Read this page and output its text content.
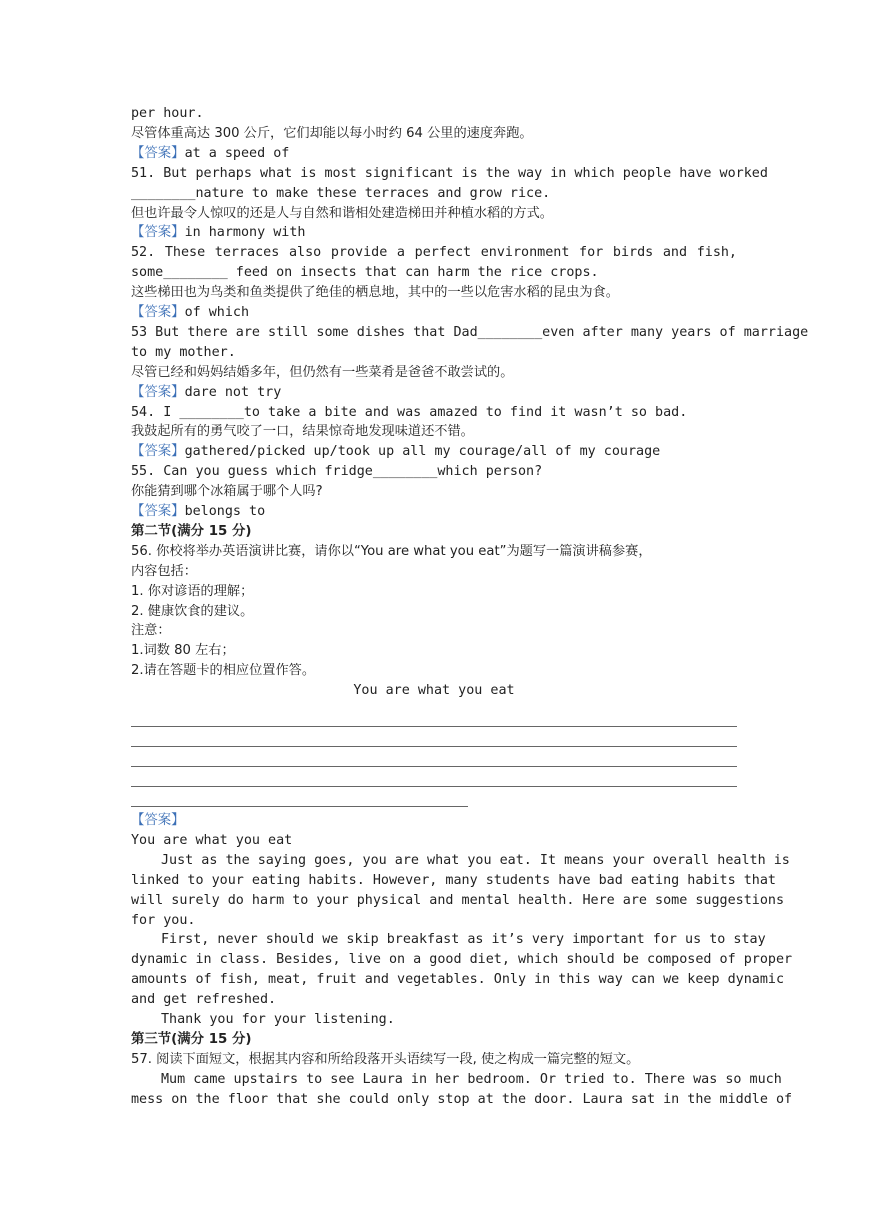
per hour.
尽管体重高达 300 公斤，它们却能以每小时约 64 公里的速度奔跑。
【答案】at a speed of
51. But perhaps what is most significant is the way in which people have worked
________nature to make these terraces and grow rice.
但也许最令人惊叹的还是人与自然和谐相处建造梯田并种植水稻的方式。
【答案】in harmony with
52. These terraces also provide a perfect environment for birds and fish,
some________ feed on insects that can harm the rice crops.
这些梯田也为鸟类和鱼类提供了绝佳的栖息地，其中的一些以危害水稻的昆虫为食。
【答案】of which
53 But there are still some dishes that Dad________even after many years of marriage
to my mother.
尽管已经和妈妈结婚多年，但仍然有一些菜肴是爸爸不敢尝试的。
【答案】dare not try
54. I ________to take a bite and was amazed to find it wasn’t so bad.
我鼓起所有的勇气咬了一口，结果惊奇地发现味道还不错。
【答案】gathered/picked up/took up all my courage/all of my courage
55. Can you guess which fridge________which person?
你能猜到哪个冰箱属于哪个人吗?
【答案】belongs to
第二节(满分 15 分)
56. 你校将举办英语演讲比赛，请你以“You are what you eat”为题写一篇演讲稿参赛，
内容包括：
1. 你对谚语的理解；
2. 健康饮食的建议。
注意：
1.词数 80 左右；
2.请在答题卡的相应位置作答。
You are what you eat
【答案】
You are what you eat
Just as the saying goes, you are what you eat. It means your overall health is
linked to your eating habits. However, many students have bad eating habits that
will surely do harm to your physical and mental health. Here are some suggestions
for you.
First, never should we skip breakfast as it’s very important for us to stay
dynamic in class. Besides, live on a good diet, which should be composed of proper
amounts of fish, meat, fruit and vegetables. Only in this way can we keep dynamic
and get refreshed.
Thank you for your listening.
第三节(满分 15 分)
57. 阅读下面短文，根据其内容和所给段落开头语续写一段, 使之构成一篇完整的短文。
Mum came upstairs to see Laura in her bedroom. Or tried to. There was so much
mess on the floor that she could only stop at the door. Laura sat in the middle of
